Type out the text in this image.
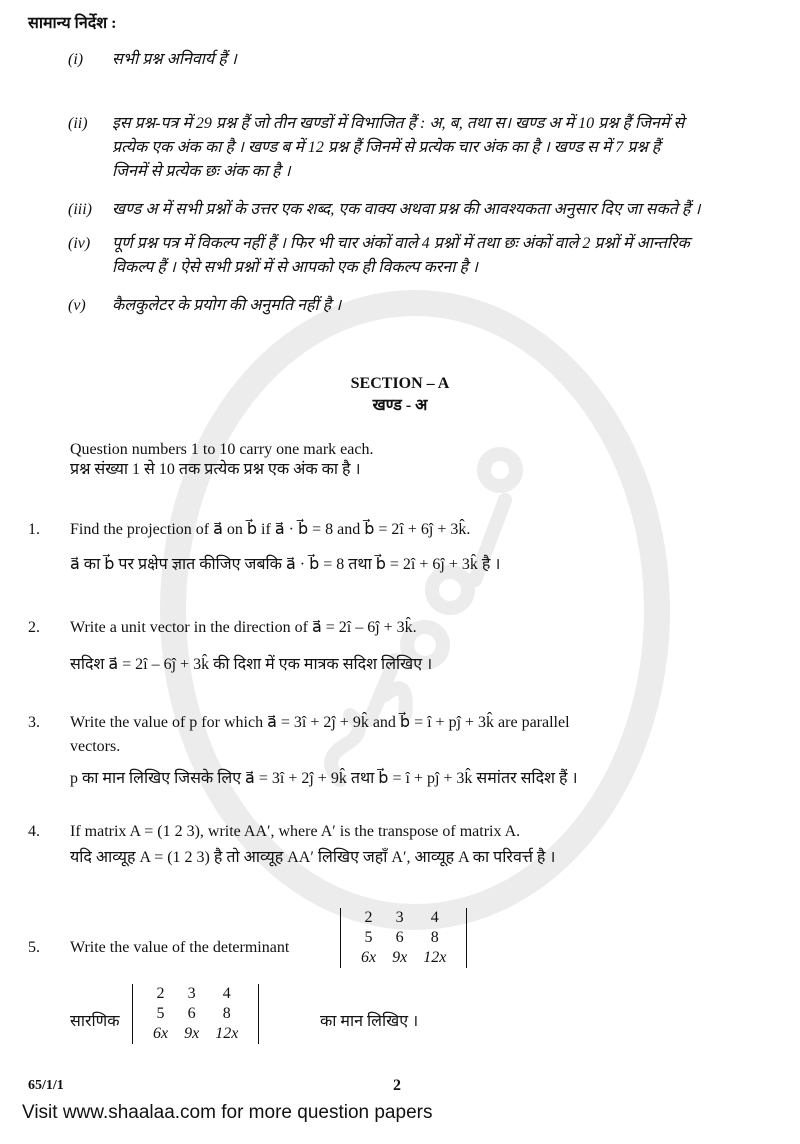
सामान्य निर्देश :
(i) सभी प्रश्न अनिवार्य हैं ।
(ii) इस प्रश्न-पत्र में 29 प्रश्न हैं जो तीन खण्डों में विभाजित हैं : अ, ब, तथा स। खण्ड अ में 10 प्रश्न हैं जिनमें से
प्रत्येक एक अंक का है । खण्ड ब में 12 प्रश्न हैं जिनमें से प्रत्येक चार अंक का है । खण्ड स में 7 प्रश्न हैं
जिनमें से प्रत्येक छः अंक का है ।
(iii) खण्ड अ में सभी प्रश्नों के उत्तर एक शब्द, एक वाक्य अथवा प्रश्न की आवश्यकता अनुसार दिए जा सकते हैं ।
(iv) पूर्ण प्रश्न पत्र में विकल्प नहीं हैं । फिर भी चार अंकों वाले 4 प्रश्नों में तथा छः अंकों वाले 2 प्रश्नों में आन्तरिक
विकल्प हैं । ऐसे सभी प्रश्नों में से आपको एक ही विकल्प करना है ।
(v) कैलकुलेटर के प्रयोग की अनुमति नहीं है ।
SECTION – A
खण्ड - अ
Question numbers 1 to 10 carry one mark each.
प्रश्न संख्या 1 से 10 तक प्रत्येक प्रश्न एक अंक का है ।
1. Find the projection of a⃗ on b⃗ if a⃗ · b⃗ = 8 and b⃗ = 2î + 6ĵ + 3k̂.
a⃗ का b⃗ पर प्रक्षेप ज्ञात कीजिए जबकि a⃗ · b⃗ = 8 तथा b⃗ = 2î + 6ĵ + 3k̂ है ।
2. Write a unit vector in the direction of a⃗ = 2î – 6ĵ + 3k̂.
सदिश a⃗ = 2î – 6ĵ + 3k̂ की दिशा में एक मात्रक सदिश लिखिए ।
3. Write the value of p for which a⃗ = 3î + 2ĵ + 9k̂ and b⃗ = î + pĵ + 3k̂ are parallel
vectors.
p का मान लिखिए जिसके लिए a⃗ = 3î + 2ĵ + 9k̂ तथा b⃗ = î + pĵ + 3k̂ समांतर सदिश हैं ।
4. If matrix A = (1 2 3), write AA′, where A′ is the transpose of matrix A.
यदि आव्यूह A = (1 2 3) है तो आव्यूह AA′ लिखिए जहाँ A′, आव्यूह A का परिवर्त्त है ।
5. Write the value of the determinant
2	3	4
5	6	8
6x	9x	12x
सारणिक
2	3	4
5	6	8
6x	9x	12x
का मान लिखिए ।
65/1/1	2
Visit www.shaalaa.com for more question papers
